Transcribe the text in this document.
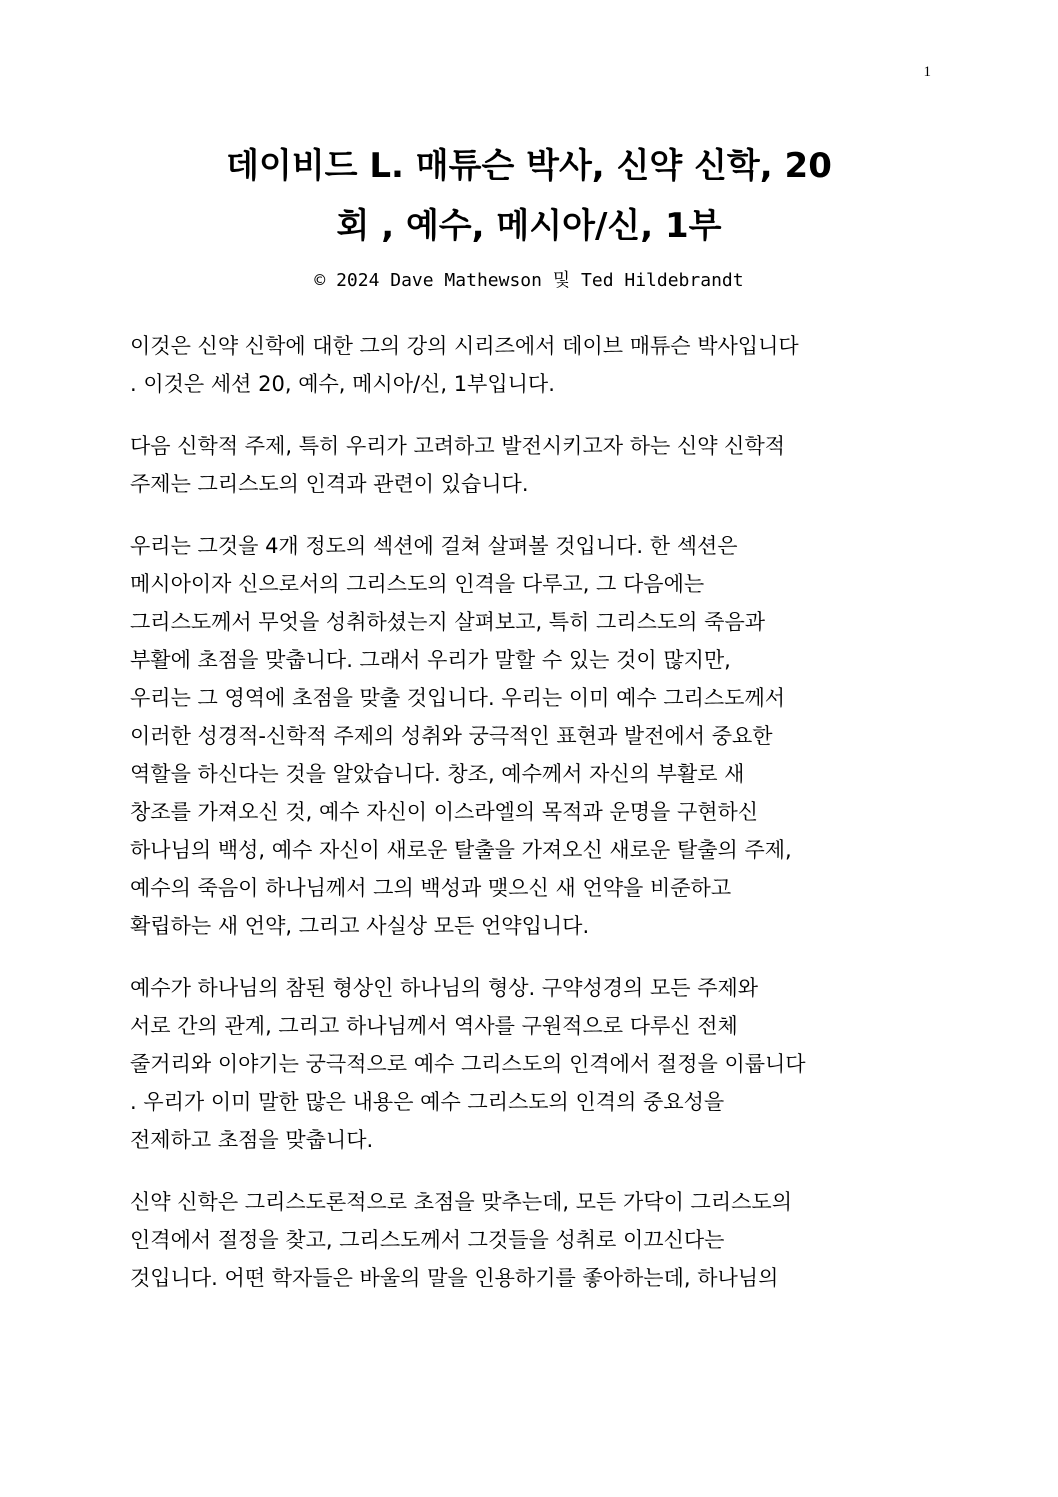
1
데이비드 L. 매튜슨 박사, 신약 신학, 20
회 , 예수, 메시아/신, 1부
© 2024 Dave Mathewson 및 Ted Hildebrandt

이것은 신약 신학에 대한 그의 강의 시리즈에서 데이브 매튜슨 박사입니다
. 이것은 세션 20, 예수, 메시아/신, 1부입니다.

다음 신학적 주제, 특히 우리가 고려하고 발전시키고자 하는 신약 신학적
주제는 그리스도의 인격과 관련이 있습니다.

우리는 그것을 4개 정도의 섹션에 걸쳐 살펴볼 것입니다. 한 섹션은
메시아이자 신으로서의 그리스도의 인격을 다루고, 그 다음에는
그리스도께서 무엇을 성취하셨는지 살펴보고, 특히 그리스도의 죽음과
부활에 초점을 맞춥니다. 그래서 우리가 말할 수 있는 것이 많지만,
우리는 그 영역에 초점을 맞출 것입니다. 우리는 이미 예수 그리스도께서
이러한 성경적-신학적 주제의 성취와 궁극적인 표현과 발전에서 중요한
역할을 하신다는 것을 알았습니다. 창조, 예수께서 자신의 부활로 새
창조를 가져오신 것, 예수 자신이 이스라엘의 목적과 운명을 구현하신
하나님의 백성, 예수 자신이 새로운 탈출을 가져오신 새로운 탈출의 주제,
예수의 죽음이 하나님께서 그의 백성과 맺으신 새 언약을 비준하고
확립하는 새 언약, 그리고 사실상 모든 언약입니다.

예수가 하나님의 참된 형상인 하나님의 형상. 구약성경의 모든 주제와
서로 간의 관계, 그리고 하나님께서 역사를 구원적으로 다루신 전체
줄거리와 이야기는 궁극적으로 예수 그리스도의 인격에서 절정을 이룹니다
. 우리가 이미 말한 많은 내용은 예수 그리스도의 인격의 중요성을
전제하고 초점을 맞춥니다.

신약 신학은 그리스도론적으로 초점을 맞추는데, 모든 가닥이 그리스도의
인격에서 절정을 찾고, 그리스도께서 그것들을 성취로 이끄신다는
것입니다. 어떤 학자들은 바울의 말을 인용하기를 좋아하는데, 하나님의
